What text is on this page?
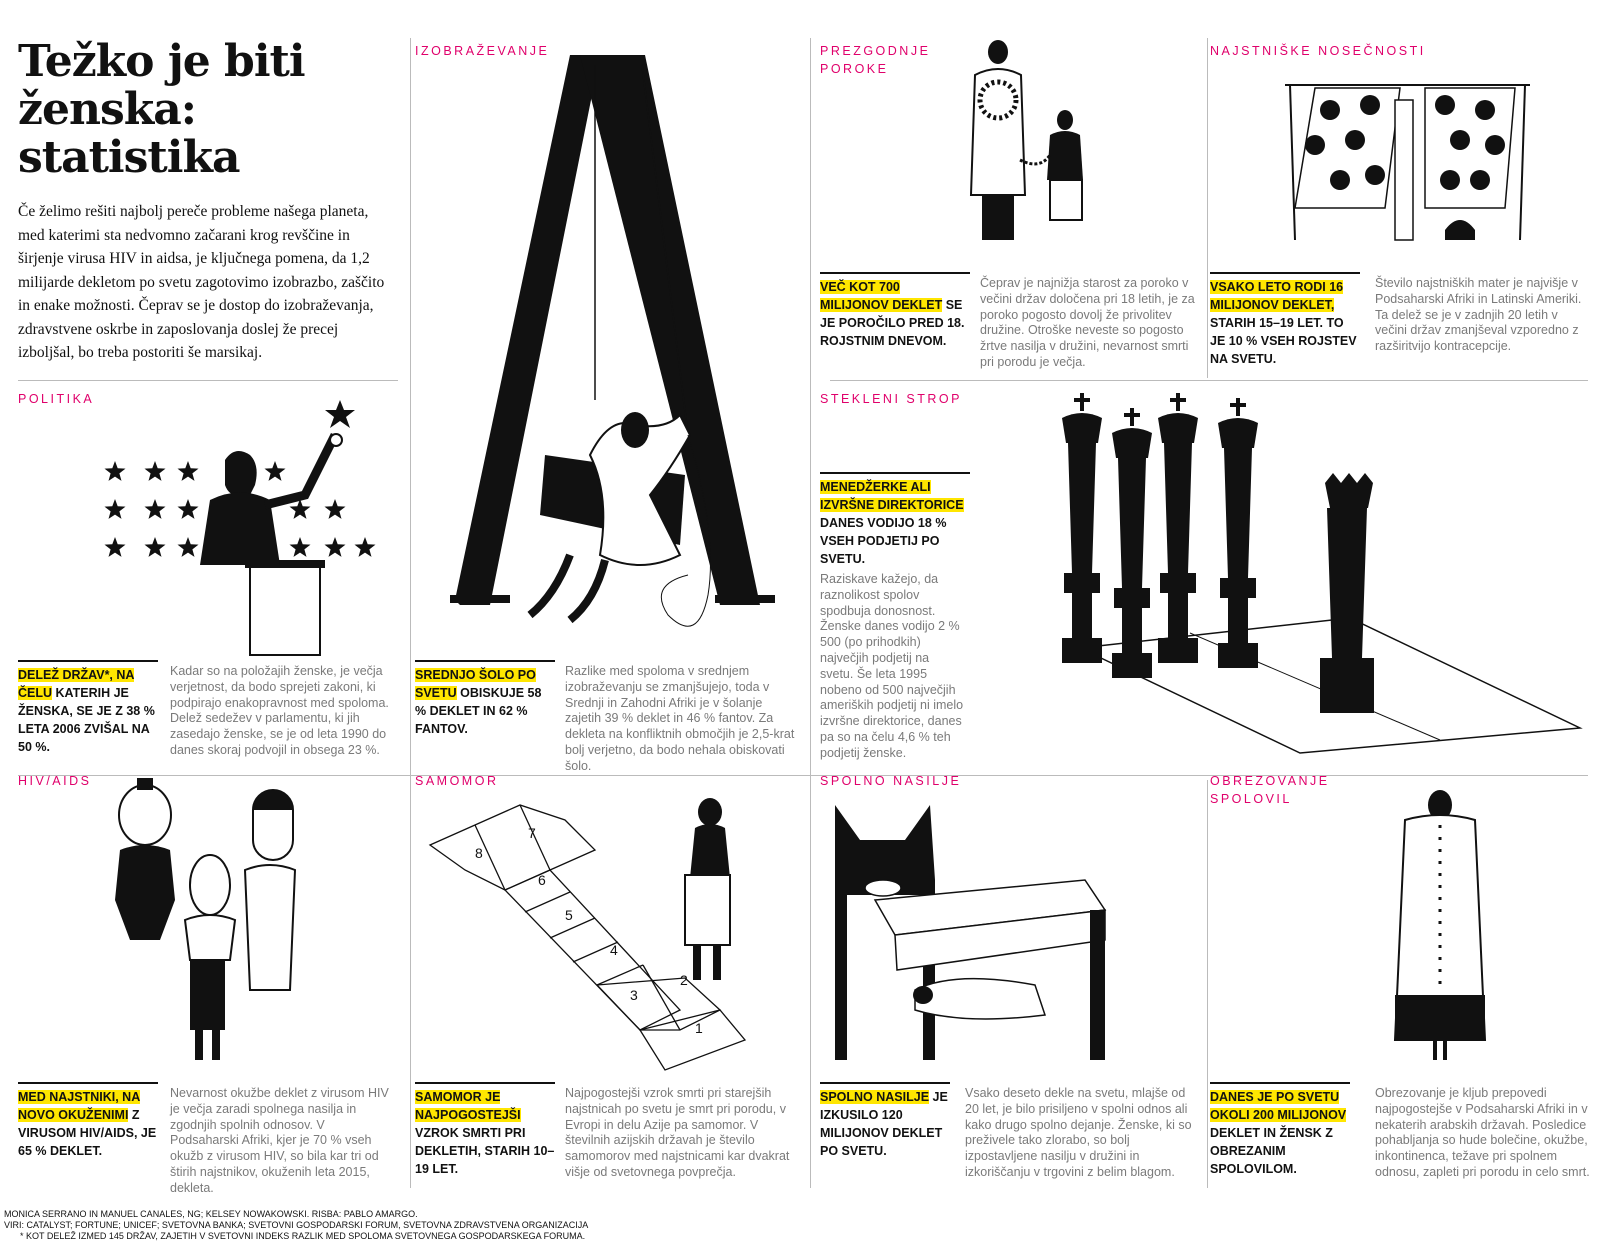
Težko je biti ženska: statistika
Če želimo rešiti najbolj pereče probleme našega planeta, med katerimi sta nedvomno začarani krog revščine in širjenje virusa HIV in aidsa, je ključnega pomena, da 1,2 milijarde dekletom po svetu zagotovimo izobrazbo, zaščito in enake možnosti. Čeprav se je dostop do izobraževanja, zdravstvene oskrbe in zaposlovanja doslej že precej izboljšal, bo treba postoriti še marsikaj.
POLITIKA
DELEŽ DRŽAV*, NA ČELU KATERIH JE ŽENSKA, SE JE Z 38 % LETA 2006 ZVIŠAL NA 50 %.
Kadar so na položajih ženske, je večja verjetnost, da bodo sprejeti zakoni, ki podpirajo enakopravnost med spoloma. Delež sedežev v parlamentu, ki jih zasedajo ženske, se je od leta 1990 do danes skoraj podvojil in obsega 23 %.
IZOBRAŽEVANJE
SREDNJO ŠOLO PO SVETU OBISKUJE 58 % DEKLET IN 62 % FANTOV.
Razlike med spoloma v srednjem izobraževanju se zmanjšujejo, toda v Srednji in Zahodni Afriki je v šolanje zajetih 39 % deklet in 46 % fantov. Za dekleta na konfliktnih območjih je 2,5-krat bolj verjetno, da bodo nehala obiskovati šolo.
PREZGODNJE POROKE
VEČ KOT 700 MILIJONOV DEKLET SE JE POROČILO PRED 18. ROJSTNIM DNEVOM.
Čeprav je najnižja starost za poroko v večini držav določena pri 18 letih, je za poroko pogosto dovolj že privolitev družine. Otroške neveste so pogosto žrtve nasilja v družini, nevarnost smrti pri porodu je večja.
NAJSTNIŠKE NOSEČNOSTI
VSAKO LETO RODI 16 MILIJONOV DEKLET, STARIH 15–19 LET. TO JE 10 % VSEH ROJSTEV NA SVETU.
Število najstniških mater je najvišje v Podsaharski Afriki in Latinski Ameriki. Ta delež se je v zadnjih 20 letih v večini držav zmanjševal vzporedno z razširitvijo kontracepcije.
STEKLENI STROP
MENEDŽERKE ALI IZVRŠNE DIREKTORICE DANES VODIJO 18 % VSEH PODJETIJ PO SVETU.
Raziskave kažejo, da raznolikost spolov spodbuja donosnost. Ženske danes vodijo 2 % 500 (po prihodkih) največjih podjetij na svetu. Še leta 1995 nobeno od 500 največjih ameriških podjetij ni imelo izvršne direktorice, danes pa so na čelu 4,6 % teh podjetij ženske.
HIV/AIDS
MED NAJSTNIKI, NA NOVO OKUŽENIMI Z VIRUSOM HIV/AIDS, JE 65 % DEKLET.
Nevarnost okužbe deklet z virusom HIV je večja zaradi spolnega nasilja in zgodnjih spolnih odnosov. V Podsaharski Afriki, kjer je 70 % vseh okužb z virusom HIV, so bila kar tri od štirih najstnikov, okuženih leta 2015, dekleta.
SAMOMOR
1
2
3
4
5
6
7
8
SAMOMOR JE NAJPOGOSTEJŠI VZROK SMRTI PRI DEKLETIH, STARIH 10–19 LET.
Najpogostejši vzrok smrti pri starejših najstnicah po svetu je smrt pri porodu, v Evropi in delu Azije pa samomor. V številnih azijskih državah je število samomorov med najstnicami kar dvakrat višje od svetovnega povprečja.
SPOLNO NASILJE
SPOLNO NASILJE JE IZKUSILO 120 MILIJONOV DEKLET PO SVETU.
Vsako deseto dekle na svetu, mlajše od 20 let, je bilo prisiljeno v spolni odnos ali kako drugo spolno dejanje. Ženske, ki so preživele tako zlorabo, so bolj izpostavljene nasilju v družini in izkoriščanju v trgovini z belim blagom.
OBREZOVANJE SPOLOVIL
DANES JE PO SVETU OKOLI 200 MILIJONOV DEKLET IN ŽENSK Z OBREZANIM SPOLOVILOM.
Obrezovanje je kljub prepovedi najpogostejše v Podsaharski Afriki in v nekaterih arabskih državah. Posledice pohabljanja so hude bolečine, okužbe, inkontinenca, težave pri spolnem odnosu, zapleti pri porodu in celo smrt.
MONICA SERRANO IN MANUEL CANALES, NG; KELSEY NOWAKOWSKI. RISBA: PABLO AMARGO.
VIRI: CATALYST; FORTUNE; UNICEF; SVETOVNA BANKA; SVETOVNI GOSPODARSKI FORUM, SVETOVNA ZDRAVSTVENA ORGANIZACIJA
* KOT DELEŽ IZMED 145 DRŽAV, ZAJETIH V SVETOVNI INDEKS RAZLIK MED SPOLOMA SVETOVNEGA GOSPODARSKEGA FORUMA.
